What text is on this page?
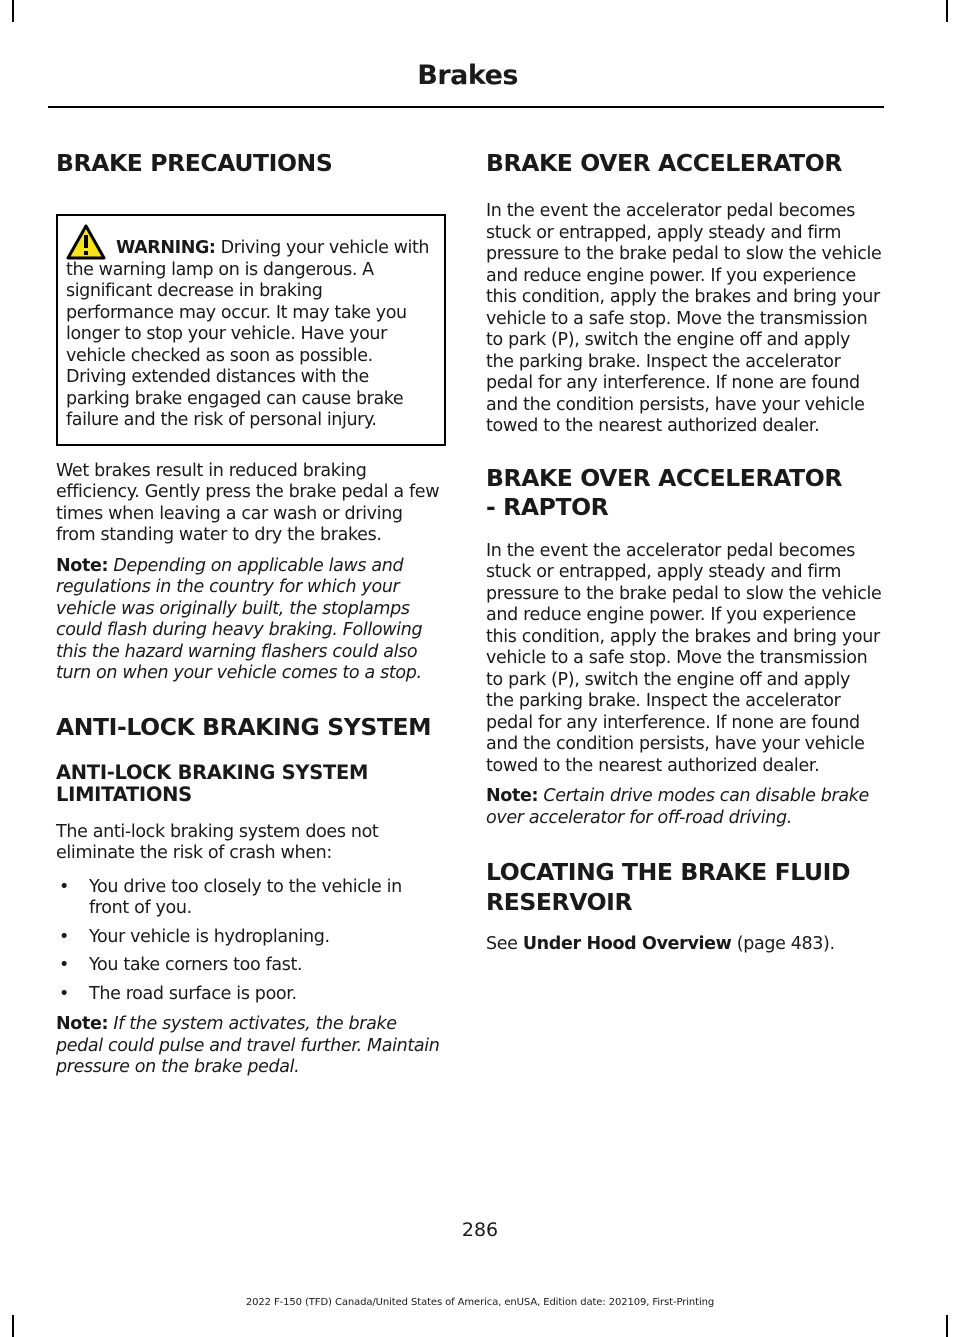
Brakes
BRAKE PRECAUTIONS

WARNING: Driving your vehicle with the warning lamp on is dangerous. A significant decrease in braking performance may occur. It may take you longer to stop your vehicle. Have your vehicle checked as soon as possible. Driving extended distances with the parking brake engaged can cause brake failure and the risk of personal injury.

Wet brakes result in reduced braking efficiency. Gently press the brake pedal a few times when leaving a car wash or driving from standing water to dry the brakes.

Note: Depending on applicable laws and regulations in the country for which your vehicle was originally built, the stoplamps could flash during heavy braking. Following this the hazard warning flashers could also turn on when your vehicle comes to a stop.

ANTI-LOCK BRAKING SYSTEM
ANTI-LOCK BRAKING SYSTEM LIMITATIONS

The anti-lock braking system does not eliminate the risk of crash when:

• You drive too closely to the vehicle in front of you.
• Your vehicle is hydroplaning.
• You take corners too fast.
• The road surface is poor.

Note: If the system activates, the brake pedal could pulse and travel further. Maintain pressure on the brake pedal.

BRAKE OVER ACCELERATOR

In the event the accelerator pedal becomes stuck or entrapped, apply steady and firm pressure to the brake pedal to slow the vehicle and reduce engine power. If you experience this condition, apply the brakes and bring your vehicle to a safe stop. Move the transmission to park (P), switch the engine off and apply the parking brake. Inspect the accelerator pedal for any interference. If none are found and the condition persists, have your vehicle towed to the nearest authorized dealer.

BRAKE OVER ACCELERATOR
- RAPTOR

In the event the accelerator pedal becomes stuck or entrapped, apply steady and firm pressure to the brake pedal to slow the vehicle and reduce engine power. If you experience this condition, apply the brakes and bring your vehicle to a safe stop. Move the transmission to park (P), switch the engine off and apply the parking brake. Inspect the accelerator pedal for any interference. If none are found and the condition persists, have your vehicle towed to the nearest authorized dealer.

Note: Certain drive modes can disable brake over accelerator for off-road driving.

LOCATING THE BRAKE FLUID
RESERVOIR

See Under Hood Overview (page 483).

286
2022 F-150 (TFD) Canada/United States of America, enUSA, Edition date: 202109, First-Printing
